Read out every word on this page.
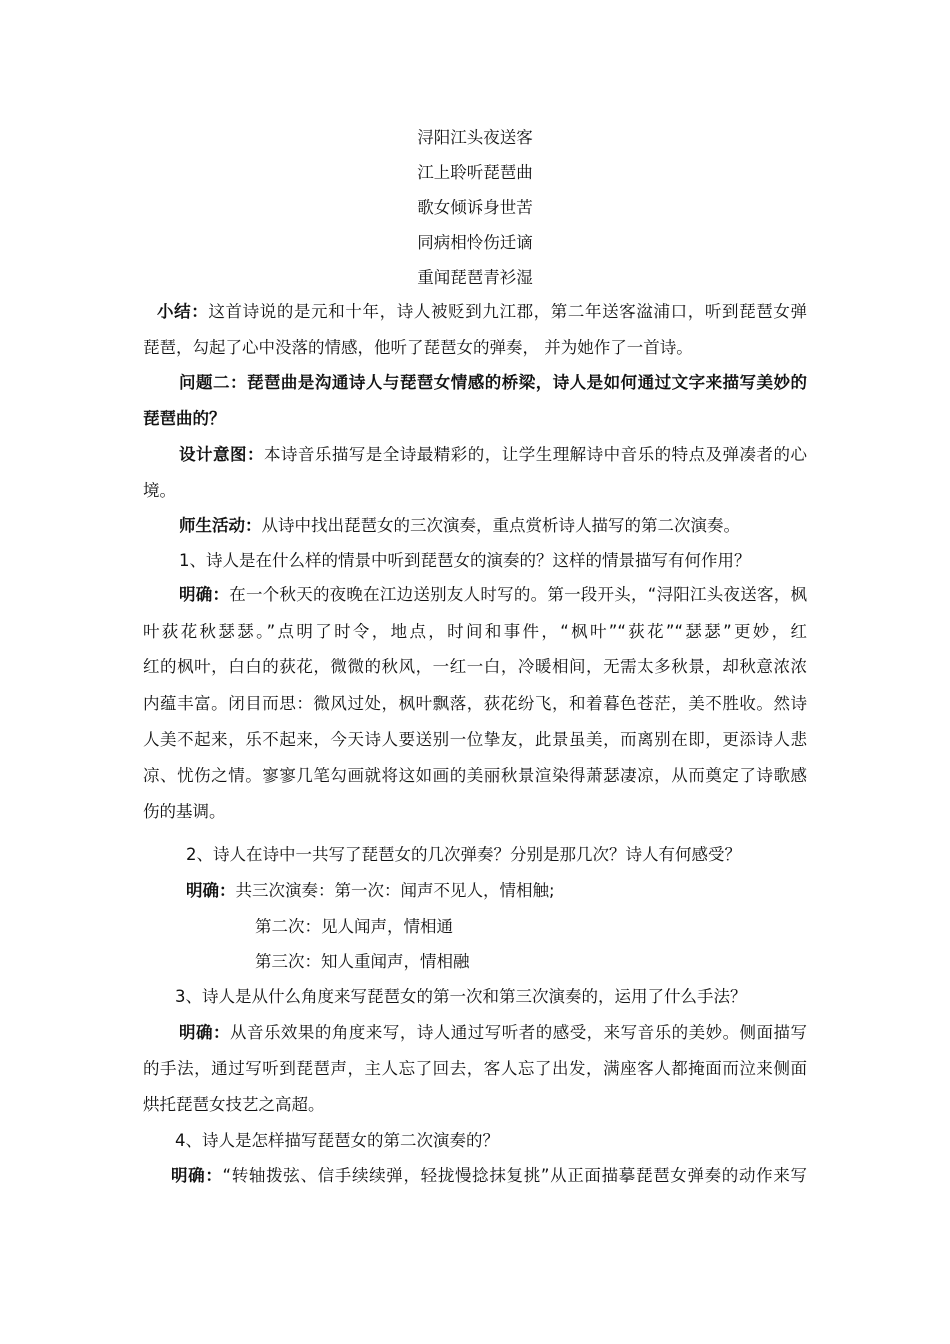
浔阳江头夜送客
江上聆听琵琶曲
歌女倾诉身世苦
同病相怜伤迁谪
重闻琵琶青衫湿
小结：这首诗说的是元和十年，诗人被贬到九江郡，第二年送客湓浦口，听到琵琶女弹
琵琶，勾起了心中没落的情感，他听了琵琶女的弹奏， 并为她作了一首诗。
问题二：琵琶曲是沟通诗人与琵琶女情感的桥梁，诗人是如何通过文字来描写美妙的
琵琶曲的？
设计意图：本诗音乐描写是全诗最精彩的，让学生理解诗中音乐的特点及弹凑者的心
境。
师生活动：从诗中找出琵琶女的三次演奏，重点赏析诗人描写的第二次演奏。
1、诗人是在什么样的情景中听到琵琶女的演奏的？这样的情景描写有何作用？
明确：在一个秋天的夜晚在江边送别友人时写的。第一段开头，“浔阳江头夜送客，枫
叶荻花秋瑟瑟。”点明了时令，地点，时间和事件，“枫叶”“荻花”“瑟瑟”更妙，红
红的枫叶，白白的荻花，微微的秋风，一红一白，冷暖相间，无需太多秋景，却秋意浓浓
内蕴丰富。闭目而思：微风过处，枫叶飘落，荻花纷飞，和着暮色苍茫，美不胜收。然诗
人美不起来，乐不起来，今天诗人要送别一位挚友，此景虽美，而离别在即，更添诗人悲
凉、忧伤之情。寥寥几笔勾画就将这如画的美丽秋景渲染得萧瑟凄凉，从而奠定了诗歌感
伤的基调。
2、诗人在诗中一共写了琵琶女的几次弹奏？分别是那几次？诗人有何感受？
明确：共三次演奏：第一次：闻声不见人，情相触;
第二次：见人闻声，情相通
第三次：知人重闻声，情相融
3、诗人是从什么角度来写琵琶女的第一次和第三次演奏的，运用了什么手法？
明确：从音乐效果的角度来写，诗人通过写听者的感受，来写音乐的美妙。侧面描写
的手法，通过写听到琵琶声，主人忘了回去，客人忘了出发，满座客人都掩面而泣来侧面
烘托琵琶女技艺之高超。
4、诗人是怎样描写琵琶女的第二次演奏的？
明确：“转轴拨弦、信手续续弹，轻拢慢捻抹复挑”从正面描摹琵琶女弹奏的动作来写
